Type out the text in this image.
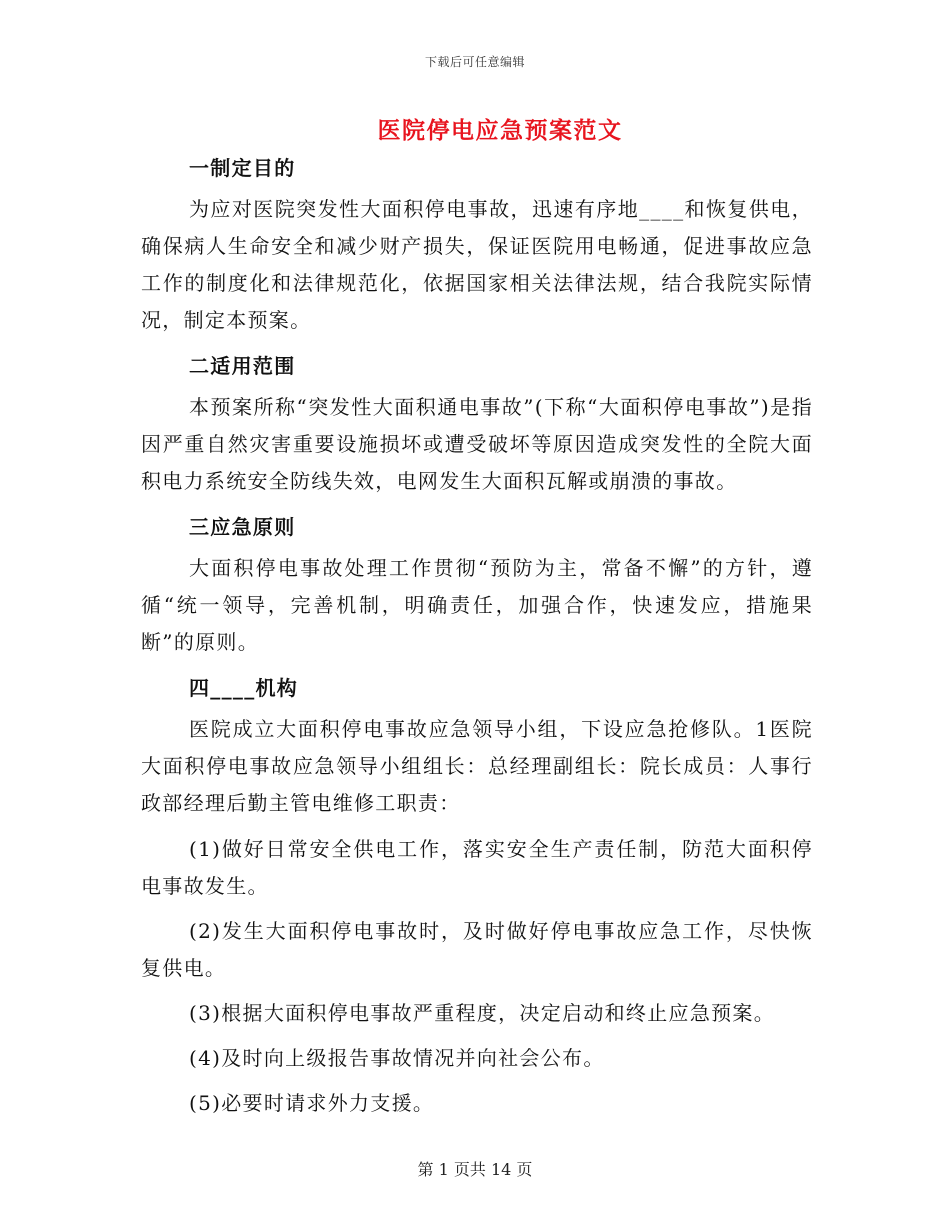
下载后可任意编辑
医院停电应急预案范文
一制定目的
为应对医院突发性大面积停电事故，迅速有序地____和恢复供电，确保病人生命安全和减少财产损失，保证医院用电畅通，促进事故应急工作的制度化和法律规范化，依据国家相关法律法规，结合我院实际情况，制定本预案。
二适用范围
本预案所称“突发性大面积通电事故”(下称“大面积停电事故”)是指因严重自然灾害重要设施损坏或遭受破坏等原因造成突发性的全院大面积电力系统安全防线失效，电网发生大面积瓦解或崩溃的事故。
三应急原则
大面积停电事故处理工作贯彻“预防为主，常备不懈”的方针，遵循“统一领导，完善机制，明确责任，加强合作，快速发应，措施果断”的原则。
四____机构
医院成立大面积停电事故应急领导小组，下设应急抢修队。1医院大面积停电事故应急领导小组组长：总经理副组长：院长成员：人事行政部经理后勤主管电维修工职责：
(1)做好日常安全供电工作，落实安全生产责任制，防范大面积停电事故发生。
(2)发生大面积停电事故时，及时做好停电事故应急工作，尽快恢复供电。
(3)根据大面积停电事故严重程度，决定启动和终止应急预案。
(4)及时向上级报告事故情况并向社会公布。
(5)必要时请求外力支援。
第 1 页共 14 页
